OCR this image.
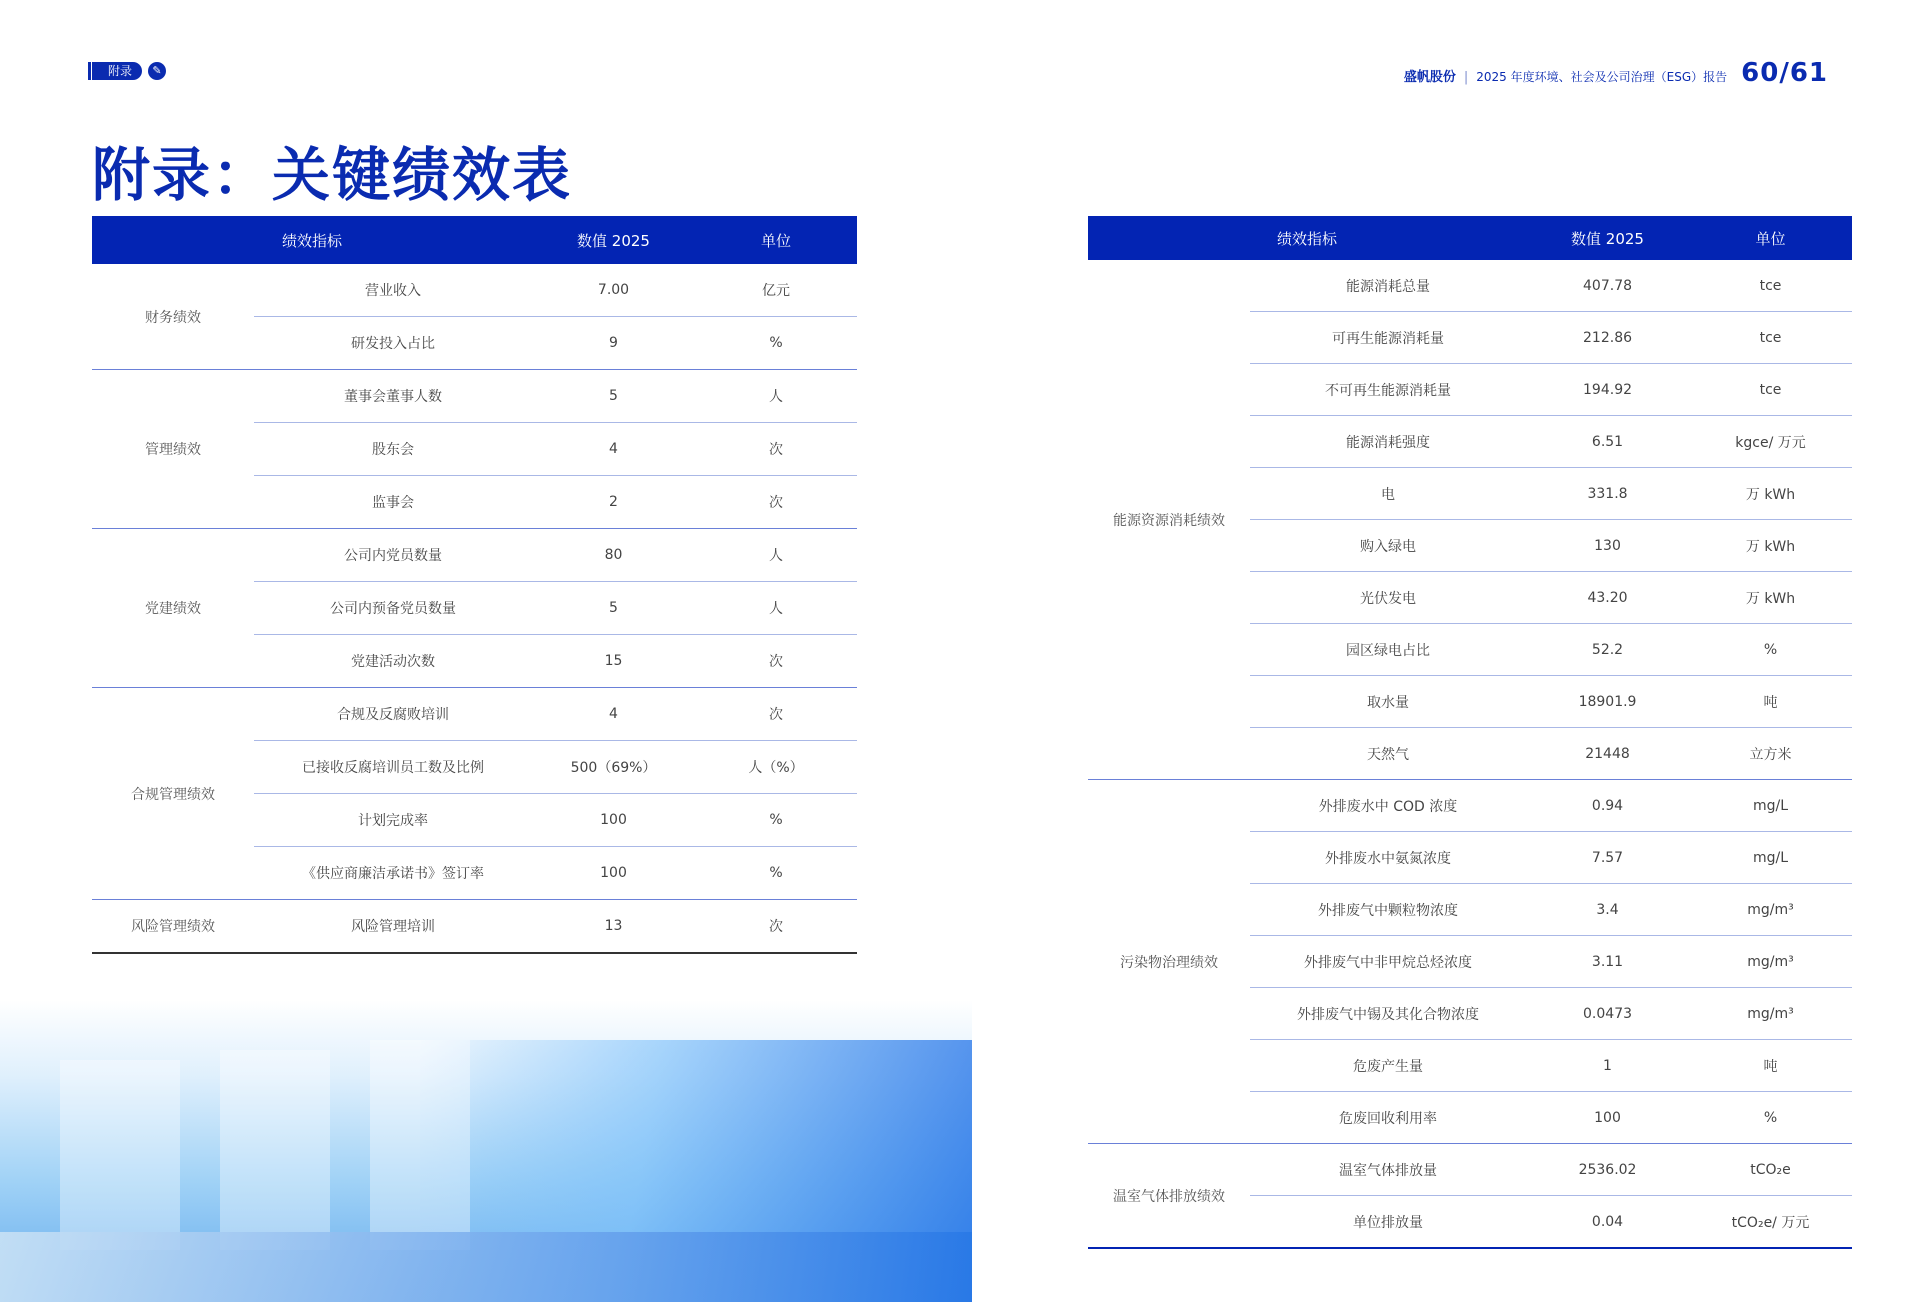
附录	✎	盛帆股份 | 2025 年度环境、社会及公司治理（ESG）报告 60/61
附录：关键绩效表
绩效指标		数值 2025	单位
财务绩效	营业收入	7.00	亿元
	研发投入占比	9	%
管理绩效	董事会董事人数	5	人
	股东会	4	次
	监事会	2	次
党建绩效	公司内党员数量	80	人
	公司内预备党员数量	5	人
	党建活动次数	15	次
合规管理绩效	合规及反腐败培训	4	次
	已接收反腐培训员工数及比例	500（69%）	人（%）
	计划完成率	100	%
	《供应商廉洁承诺书》签订率	100	%
风险管理绩效	风险管理培训	13	次
绩效指标		数值 2025	单位
能源资源消耗绩效	能源消耗总量	407.78	tce
	可再生能源消耗量	212.86	tce
	不可再生能源消耗量	194.92	tce
	能源消耗强度	6.51	kgce/ 万元
	电	331.8	万 kWh
	购入绿电	130	万 kWh
	光伏发电	43.20	万 kWh
	园区绿电占比	52.2	%
	取水量	18901.9	吨
	天然气	21448	立方米
污染物治理绩效	外排废水中 COD 浓度	0.94	mg/L
	外排废水中氨氮浓度	7.57	mg/L
	外排废气中颗粒物浓度	3.4	mg/m³
	外排废气中非甲烷总烃浓度	3.11	mg/m³
	外排废气中锡及其化合物浓度	0.0473	mg/m³
	危废产生量	1	吨
	危废回收利用率	100	%
温室气体排放绩效	温室气体排放量	2536.02	tCO₂e
	单位排放量	0.04	tCO₂e/ 万元
